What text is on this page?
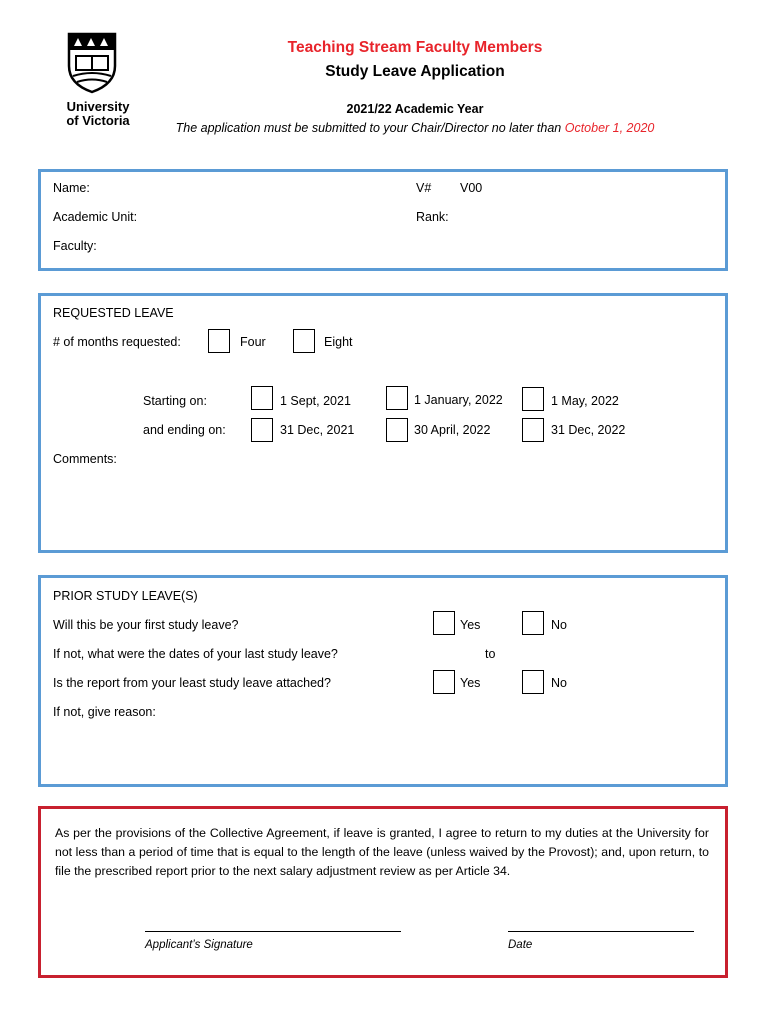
University
of Victoria
Teaching Stream Faculty Members
Study Leave Application
2021/22 Academic Year
The application must be submitted to your Chair/Director no later than October 1, 2020
Name:	V# V00
Academic Unit:	Rank:
Faculty:
REQUESTED LEAVE
# of months requested:	Four	Eight
Starting on:	1 Sept, 2021	1 January, 2022	1 May, 2022
and ending on:	31 Dec, 2021	30 April, 2022	31 Dec, 2022
Comments:
PRIOR STUDY LEAVE(S)
Will this be your first study leave?	Yes	No
If not, what were the dates of your last study leave?	to
Is the report from your least study leave attached?	Yes	No
If not, give reason:
As per the provisions of the Collective Agreement, if leave is granted, I agree to return to my duties at the University for not less than a period of time that is equal to the length of the leave (unless waived by the Provost); and, upon return, to file the prescribed report prior to the next salary adjustment review as per Article 34.
Applicant’s Signature	Date
